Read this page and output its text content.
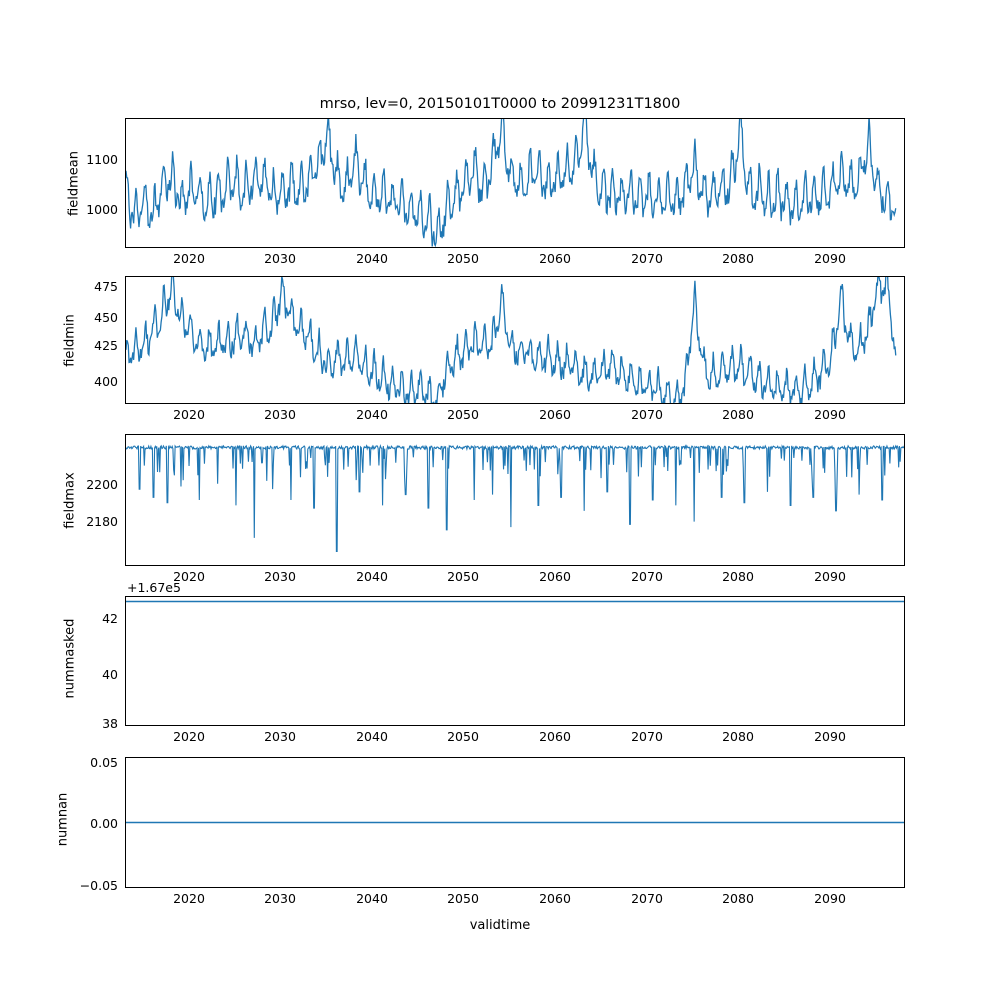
mrso, lev=0, 20150101T0000 to 20991231T1800
fieldmean 1000
1100
2020	2030	2040	2050	2060	2070	2080	2090
fieldmin
400
425
450
475
2020	2030	2040	2050	2060	2070	2080	2090
fieldmax 2180
2200
2020	2030	2040	2050	2060	2070	2080	2090
+1.67e5
nummasked
38
40
42
2020	2030	2040	2050	2060	2070	2080	2090
numnan
−0.05
0.00
0.05
2020	2030	2040	2050	2060	2070	2080	2090
validtime
